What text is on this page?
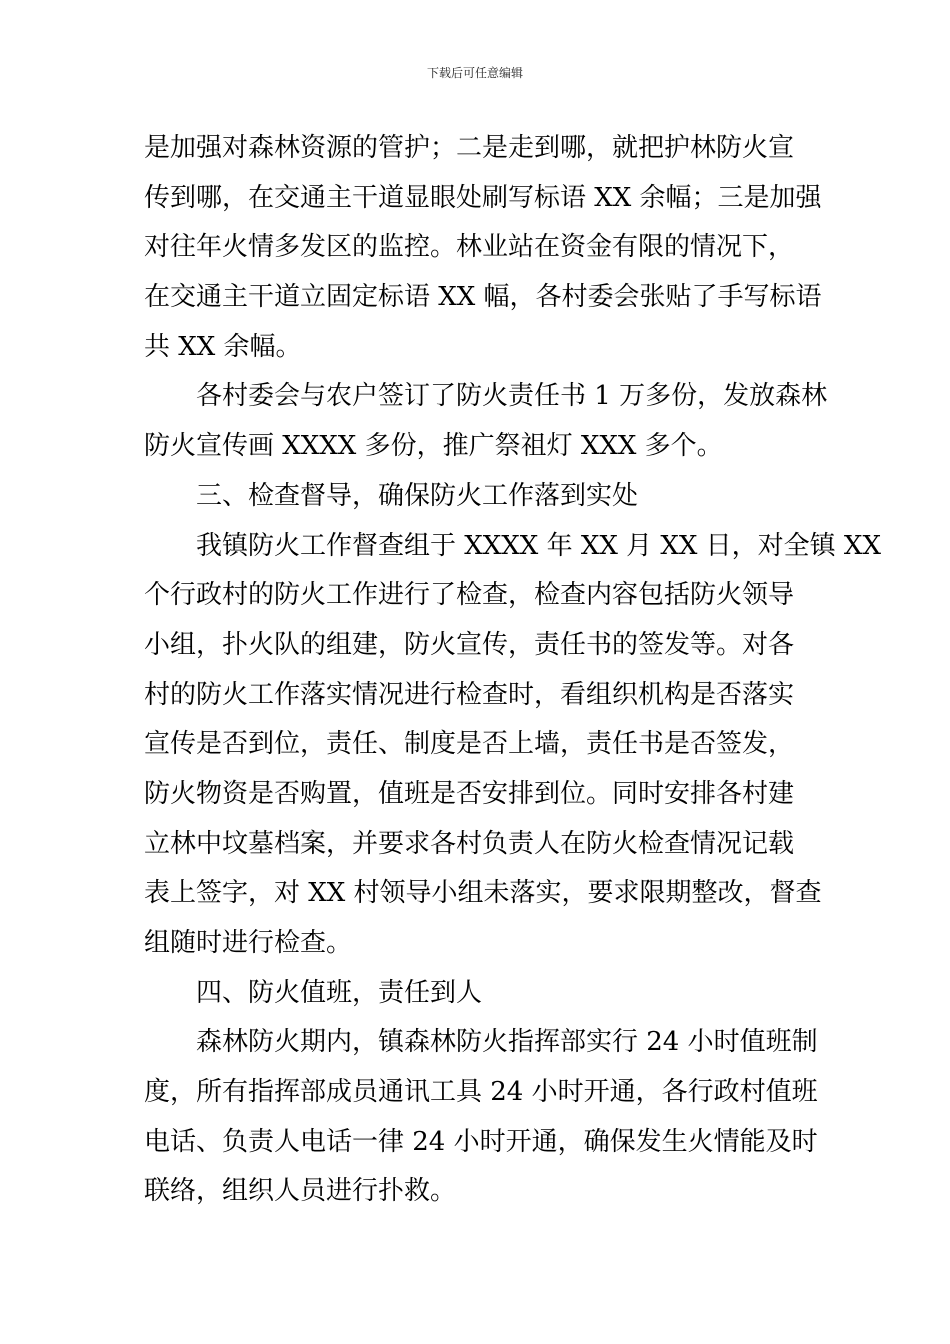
下载后可任意编辑
是加强对森林资源的管护；二是走到哪，就把护林防火宣
传到哪，在交通主干道显眼处刷写标语 XX 余幅；三是加强
对往年火情多发区的监控。林业站在资金有限的情况下，
在交通主干道立固定标语 XX 幅，各村委会张贴了手写标语
共 XX 余幅。
各村委会与农户签订了防火责任书 1 万多份，发放森林
防火宣传画 XXXX 多份，推广祭祖灯 XXX 多个。
三、检查督导，确保防火工作落到实处
我镇防火工作督查组于 XXXX 年 XX 月 XX 日，对全镇 XX
个行政村的防火工作进行了检查，检查内容包括防火领导
小组，扑火队的组建，防火宣传，责任书的签发等。对各
村的防火工作落实情况进行检查时，看组织机构是否落实
宣传是否到位，责任、制度是否上墙，责任书是否签发，
防火物资是否购置，值班是否安排到位。同时安排各村建
立林中坟墓档案，并要求各村负责人在防火检查情况记载
表上签字，对 XX 村领导小组未落实，要求限期整改，督查
组随时进行检查。
四、防火值班，责任到人
森林防火期内，镇森林防火指挥部实行 24 小时值班制
度，所有指挥部成员通讯工具 24 小时开通，各行政村值班
电话、负责人电话一律 24 小时开通，确保发生火情能及时
联络，组织人员进行扑救。
